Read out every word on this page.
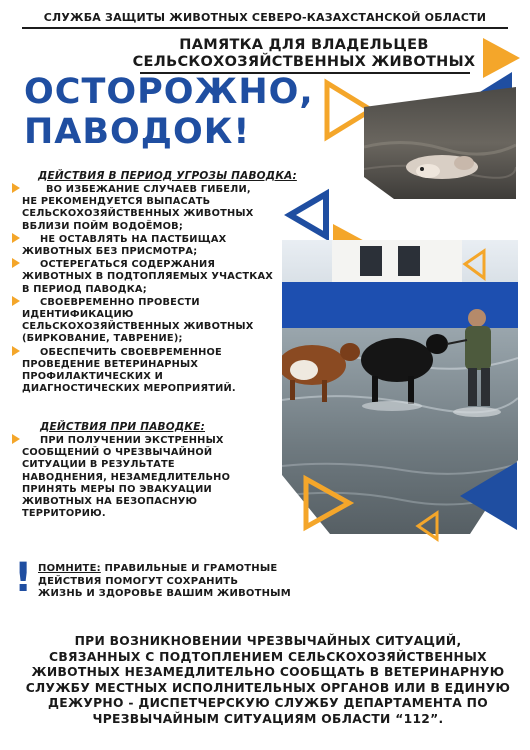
СЛУЖБА ЗАЩИТЫ ЖИВОТНЫХ СЕВЕРО-КАЗАХСТАНСКОЙ ОБЛАСТИ
ПАМЯТКА ДЛЯ ВЛАДЕЛЬЦЕВ
СЕЛЬСКОХОЗЯЙСТВЕННЫХ ЖИВОТНЫХ
ОСТОРОЖНО,
ПАВОДОК!
ДЕЙСТВИЯ В ПЕРИОД УГРОЗЫ ПАВОДКА:
ВО ИЗБЕЖАНИЕ СЛУЧАЕВ ГИБЕЛИ,
НЕ РЕКОМЕНДУЕТСЯ ВЫПАСАТЬ
СЕЛЬСКОХОЗЯЙСТВЕННЫХ ЖИВОТНЫХ
ВБЛИЗИ ПОЙМ ВОДОЁМОВ;
НЕ ОСТАВЛЯТЬ НА ПАСТБИЩАХ
ЖИВОТНЫХ БЕЗ ПРИСМОТРА;
ОСТЕРЕГАТЬСЯ СОДЕРЖАНИЯ
ЖИВОТНЫХ В ПОДТОПЛЯЕМЫХ УЧАСТКАХ
В ПЕРИОД ПАВОДКА;
СВОЕВРЕМЕННО ПРОВЕСТИ
ИДЕНТИФИКАЦИЮ
СЕЛЬСКОХОЗЯЙСТВЕННЫХ ЖИВОТНЫХ
(БИРКОВАНИЕ, ТАВРЕНИЕ);
ОБЕСПЕЧИТЬ СВОЕВРЕМЕННОЕ
ПРОВЕДЕНИЕ ВЕТЕРИНАРНЫХ
ПРОФИЛАКТИЧЕСКИХ И
ДИАГНОСТИЧЕСКИХ МЕРОПРИЯТИЙ.
ДЕЙСТВИЯ ПРИ ПАВОДКЕ:
ПРИ ПОЛУЧЕНИИ ЭКСТРЕННЫХ
СООБЩЕНИЙ О ЧРЕЗВЫЧАЙНОЙ
СИТУАЦИИ В РЕЗУЛЬТАТЕ
НАВОДНЕНИЯ, НЕЗАМЕДЛИТЕЛЬНО
ПРИНЯТЬ МЕРЫ ПО ЭВАКУАЦИИ
ЖИВОТНЫХ НА БЕЗОПАСНУЮ
ТЕРРИТОРИЮ.
! ПОМНИТЕ: ПРАВИЛЬНЫЕ И ГРАМОТНЫЕ
ДЕЙСТВИЯ ПОМОГУТ СОХРАНИТЬ
ЖИЗНЬ И ЗДОРОВЬЕ ВАШИМ ЖИВОТНЫМ
ПРИ ВОЗНИКНОВЕНИИ ЧРЕЗВЫЧАЙНЫХ СИТУАЦИЙ,
СВЯЗАННЫХ С ПОДТОПЛЕНИЕМ СЕЛЬСКОХОЗЯЙСТВЕННЫХ
ЖИВОТНЫХ НЕЗАМЕДЛИТЕЛЬНО СООБЩАТЬ В ВЕТЕРИНАРНУЮ
СЛУЖБУ МЕСТНЫХ ИСПОЛНИТЕЛЬНЫХ ОРГАНОВ ИЛИ В ЕДИНУЮ
ДЕЖУРНО - ДИСПЕТЧЕРСКУЮ СЛУЖБУ ДЕПАРТАМЕНТА ПО
ЧРЕЗВЫЧАЙНЫМ СИТУАЦИЯМ ОБЛАСТИ “112”.
